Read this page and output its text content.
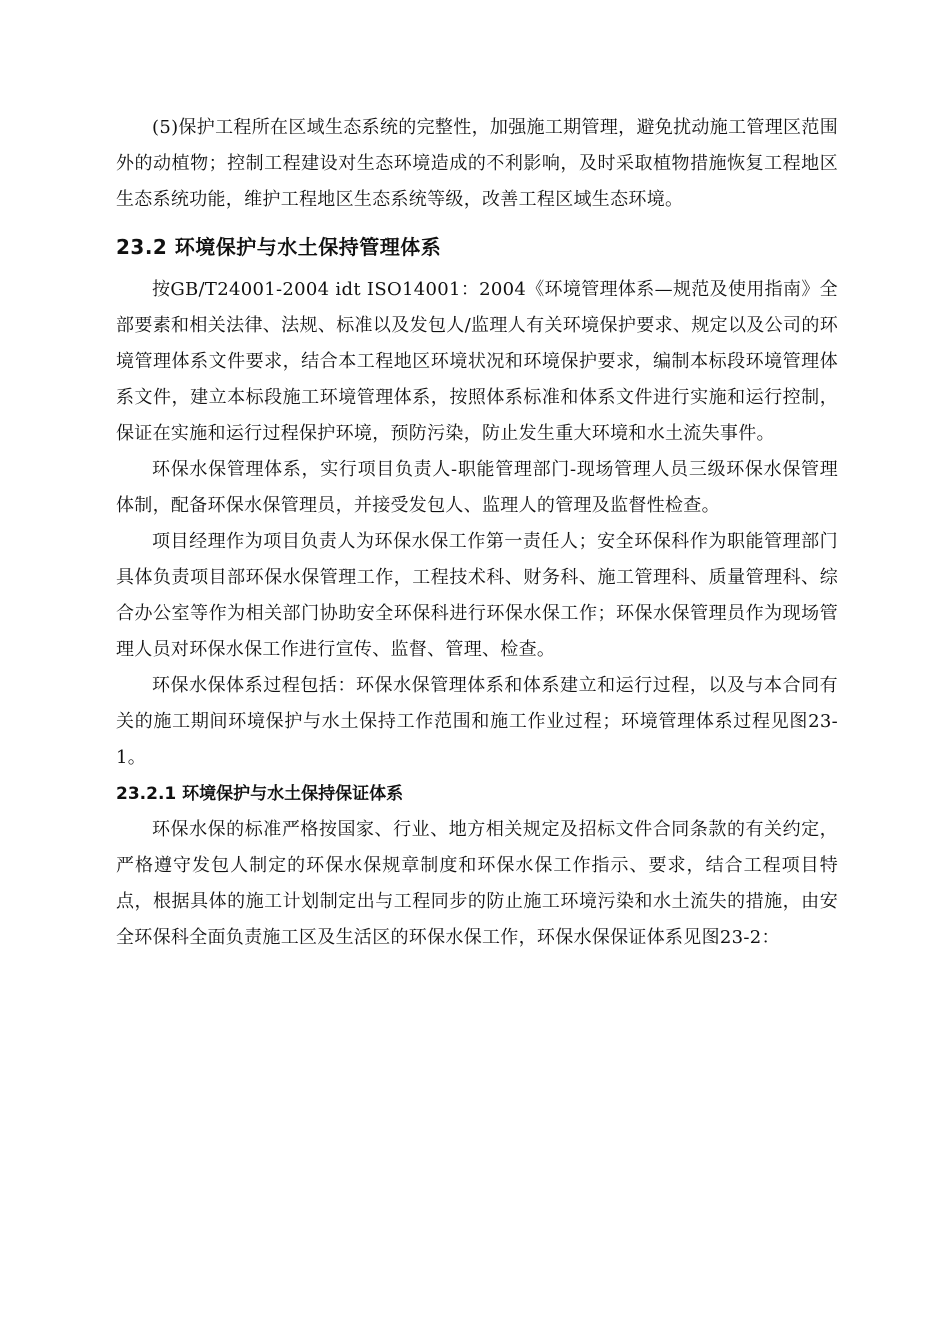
(5)保护工程所在区域生态系统的完整性，加强施工期管理，避免扰动施工管理区范围外的动植物；控制工程建设对生态环境造成的不利影响，及时采取植物措施恢复工程地区生态系统功能，维护工程地区生态系统等级，改善工程区域生态环境。

23.2 环境保护与水土保持管理体系

按GB/T24001-2004 idt ISO14001：2004《环境管理体系—规范及使用指南》全部要素和相关法律、法规、标准以及发包人/监理人有关环境保护要求、规定以及公司的环境管理体系文件要求，结合本工程地区环境状况和环境保护要求，编制本标段环境管理体系文件，建立本标段施工环境管理体系，按照体系标准和体系文件进行实施和运行控制，保证在实施和运行过程保护环境，预防污染，防止发生重大环境和水土流失事件。

环保水保管理体系，实行项目负责人-职能管理部门-现场管理人员三级环保水保管理体制，配备环保水保管理员，并接受发包人、监理人的管理及监督性检查。

项目经理作为项目负责人为环保水保工作第一责任人；安全环保科作为职能管理部门具体负责项目部环保水保管理工作，工程技术科、财务科、施工管理科、质量管理科、综合办公室等作为相关部门协助安全环保科进行环保水保工作；环保水保管理员作为现场管理人员对环保水保工作进行宣传、监督、管理、检查。

环保水保体系过程包括：环保水保管理体系和体系建立和运行过程，以及与本合同有关的施工期间环境保护与水土保持工作范围和施工作业过程；环境管理体系过程见图23-1。

23.2.1 环境保护与水土保持保证体系

环保水保的标准严格按国家、行业、地方相关规定及招标文件合同条款的有关约定，严格遵守发包人制定的环保水保规章制度和环保水保工作指示、要求，结合工程项目特点，根据具体的施工计划制定出与工程同步的防止施工环境污染和水土流失的措施，由安全环保科全面负责施工区及生活区的环保水保工作，环保水保保证体系见图23-2：
